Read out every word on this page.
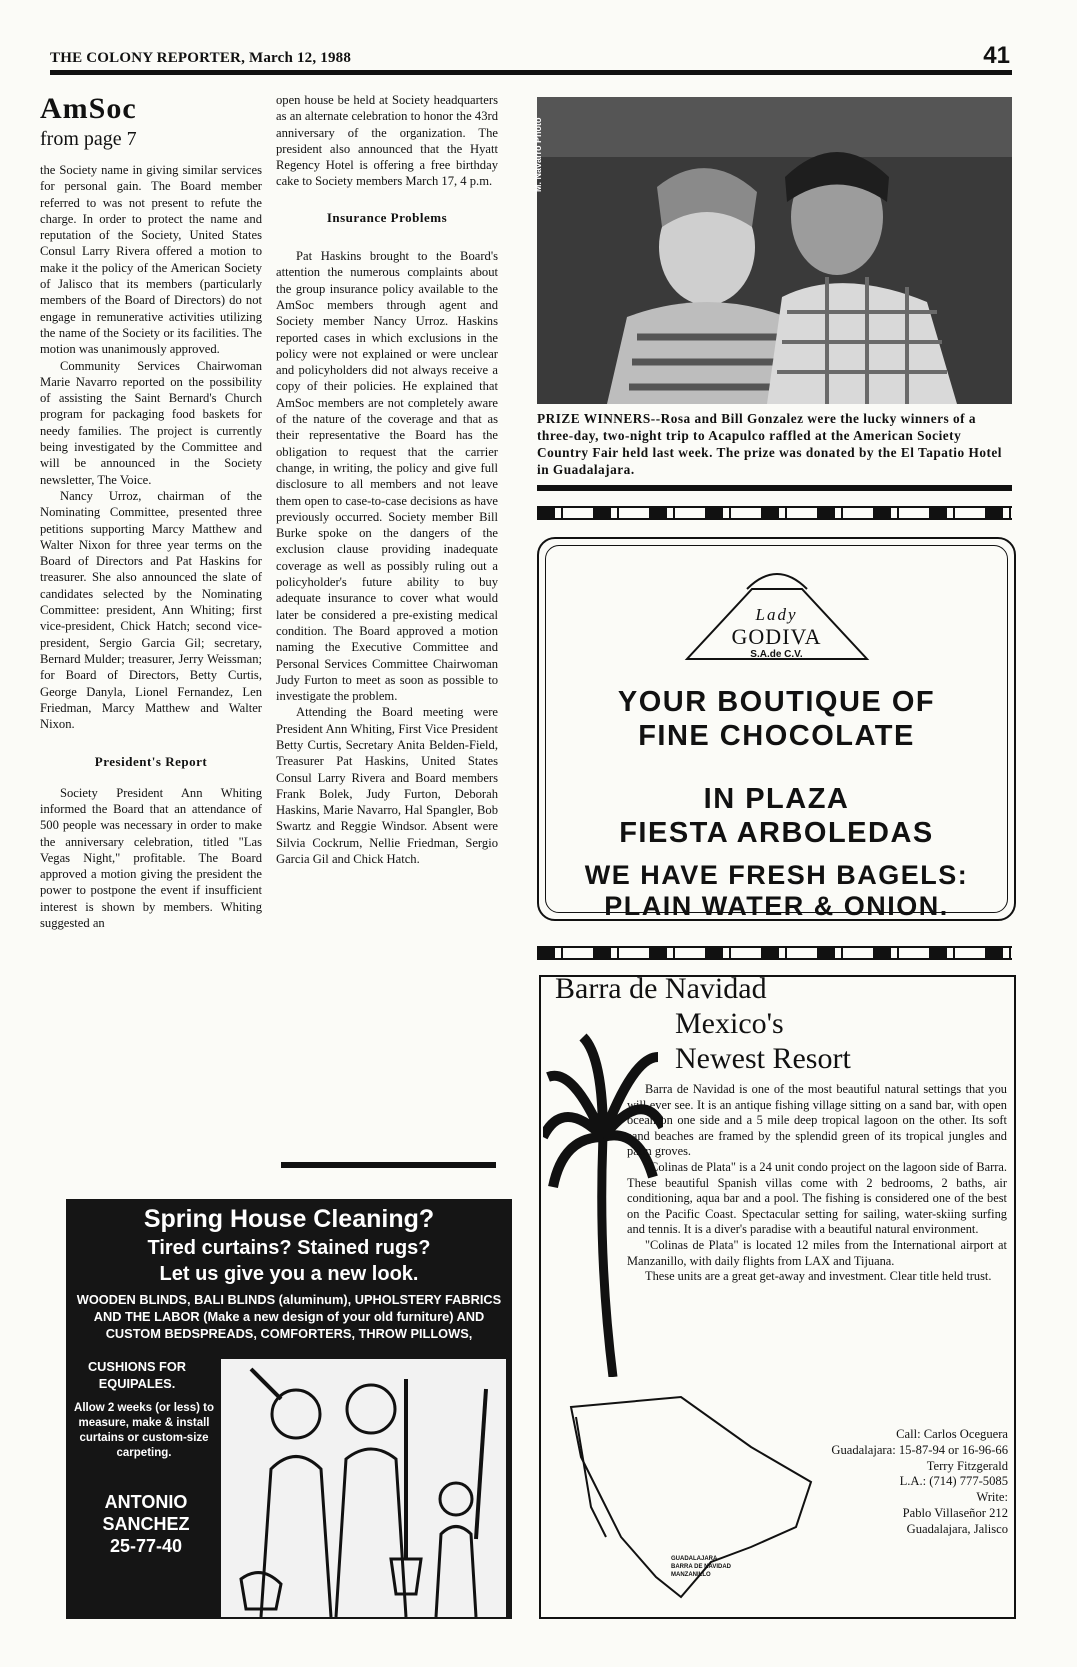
THE COLONY REPORTER, March 12, 1988	41
AmSoc
from page 7

the Society name in giving similar services for personal gain. The Board member referred to was not present to refute the charge. In order to protect the name and reputation of the Society, United States Consul Larry Rivera offered a motion to make it the policy of the American Society of Jalisco that its members (particularly members of the Board of Directors) do not engage in remunerative activities utilizing the name of the Society or its facilities. The motion was unanimously approved.

Community Services Chairwoman Marie Navarro reported on the possibility of assisting the Saint Bernard's Church program for packaging food baskets for needy families. The project is currently being investigated by the Committee and will be announced in the Society newsletter, The Voice.

Nancy Urroz, chairman of the Nominating Committee, presented three petitions supporting Marcy Matthew and Walter Nixon for three year terms on the Board of Directors and Pat Haskins for treasurer. She also announced the slate of candidates selected by the Nominating Committee: president, Ann Whiting; first vice-president, Chick Hatch; second vice-president, Sergio Garcia Gil; secretary, Bernard Mulder; treasurer, Jerry Weissman; for Board of Directors, Betty Curtis, George Danyla, Lionel Fernandez, Len Friedman, Marcy Matthew and Walter Nixon.

President's Report

Society President Ann Whiting informed the Board that an attendance of 500 people was necessary in order to make the anniversary celebration, titled "Las Vegas Night," profitable. The Board approved a motion giving the president the power to postpone the event if insufficient interest is shown by members. Whiting suggested an

open house be held at Society headquarters as an alternate celebration to honor the 43rd anniversary of the organization. The president also announced that the Hyatt Regency Hotel is offering a free birthday cake to Society members March 17, 4 p.m.

Insurance Problems

Pat Haskins brought to the Board's attention the numerous complaints about the group insurance policy available to the AmSoc members through agent and Society member Nancy Urroz. Haskins reported cases in which exclusions in the policy were not explained or were unclear and policyholders did not always receive a copy of their policies. He explained that AmSoc members are not completely aware of the nature of the coverage and that as their representative the Board has the obligation to request that the carrier change, in writing, the policy and give full disclosure to all members and not leave them open to case-to-case decisions as have previously occurred. Society member Bill Burke spoke on the dangers of the exclusion clause providing inadequate coverage as well as possibly ruling out a policyholder's future ability to buy adequate insurance to cover what would later be considered a pre-existing medical condition. The Board approved a motion naming the Executive Committee and Personal Services Committee Chairwoman Judy Furton to meet as soon as possible to investigate the problem.

Attending the Board meeting were President Ann Whiting, First Vice President Betty Curtis, Secretary Anita Belden-Field, Treasurer Pat Haskins, United States Consul Larry Rivera and Board members Frank Bolek, Judy Furton, Deborah Haskins, Marie Navarro, Hal Spangler, Bob Swartz and Reggie Windsor. Absent were Silvia Cockrum, Nellie Friedman, Sergio Garcia Gil and Chick Hatch.

M. Navarro Photo
PRIZE WINNERS--Rosa and Bill Gonzalez were the lucky winners of a three-day, two-night trip to Acapulco raffled at the American Society Country Fair held last week. The prize was donated by the El Tapatio Hotel in Guadalajara.
Lady
GODIVA
S.A.de C.V.
YOUR BOUTIQUE OF
FINE CHOCOLATE
IN PLAZA
FIESTA ARBOLEDAS
WE HAVE FRESH BAGELS:
PLAIN WATER & ONION.
Barra de Navidad
Mexico's
Newest Resort

Barra de Navidad is one of the most beautiful natural settings that you will ever see. It is an antique fishing village sitting on a sand bar, with open ocean on one side and a 5 mile deep tropical lagoon on the other. Its soft sand beaches are framed by the splendid green of its tropical jungles and palm groves.

"Colinas de Plata" is a 24 unit condo project on the lagoon side of Barra. These beautiful Spanish villas come with 2 bedrooms, 2 baths, air conditioning, aqua bar and a pool. The fishing is considered one of the best on the Pacific Coast. Spectacular setting for sailing, water-skiing surfing and tennis. It is a diver's paradise with a beautiful natural environment.

"Colinas de Plata" is located 12 miles from the International airport at Manzanillo, with daily flights from LAX and Tijuana.

These units are a great get-away and investment. Clear title held trust.

GUADALAJARA
BARRA DE NAVIDAD
MANZANILLO
Call: Carlos Oceguera
Guadalajara: 15-87-94 or 16-96-66
Terry Fitzgerald
L.A.: (714) 777-5085
Write:
Pablo Villaseñor 212
Guadalajara, Jalisco
Spring House Cleaning?
Tired curtains? Stained rugs?
Let us give you a new look.
WOODEN BLINDS, BALI BLINDS (aluminum), UPHOLSTERY FABRICS AND THE LABOR (Make a new design of your old furniture) AND CUSTOM BEDSPREADS, COMFORTERS, THROW PILLOWS,
CUSHIONS FOR EQUIPALES.
Allow 2 weeks (or less) to measure, make & install curtains or custom-size carpeting.
ANTONIO
SANCHEZ
25-77-40
